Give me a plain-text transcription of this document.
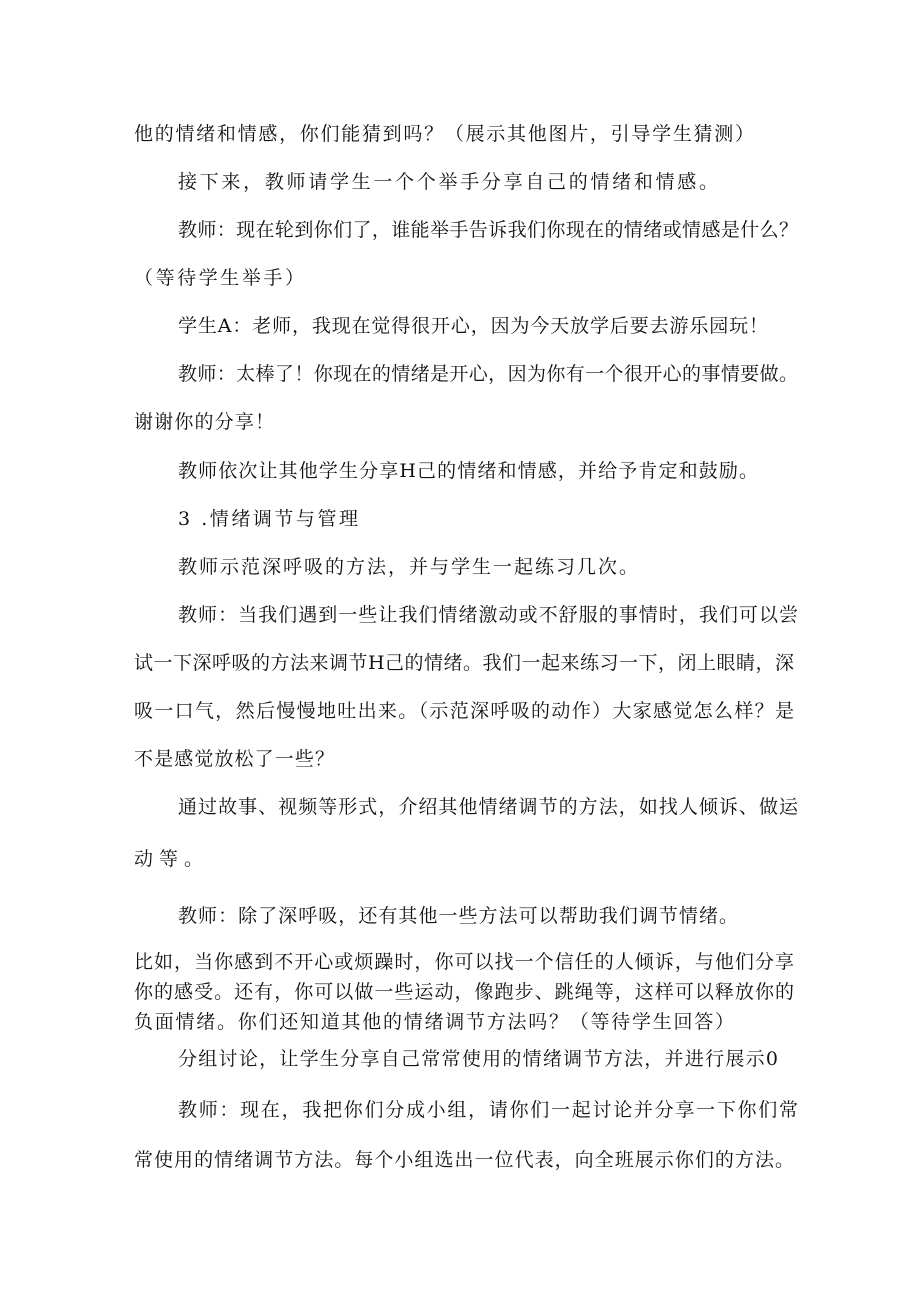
他的情绪和情感，你们能猜到吗？（展示其他图片，引导学生猜测）
接下来，教师请学生一个个举手分享自己的情绪和情感。
教师：现在轮到你们了，谁能举手告诉我们你现在的情绪或情感是什么？
（等待学生举手）
学生A：老师，我现在觉得很开心，因为今天放学后要去游乐园玩！
教师：太棒了！你现在的情绪是开心，因为你有一个很开心的事情要做。
谢谢你的分享！
教师依次让其他学生分享H己的情绪和情感，并给予肯定和鼓励。
3 .情绪调节与管理
教师示范深呼吸的方法，并与学生一起练习几次。
教师：当我们遇到一些让我们情绪激动或不舒服的事情时，我们可以尝
试一下深呼吸的方法来调节H己的情绪。我们一起来练习一下，闭上眼睛，深
吸一口气，然后慢慢地吐出来。（示范深呼吸的动作）大家感觉怎么样？是
不是感觉放松了一些？
通过故事、视频等形式，介绍其他情绪调节的方法，如找人倾诉、做运
动等。
教师：除了深呼吸，还有其他一些方法可以帮助我们调节情绪。
比如，当你感到不开心或烦躁时，你可以找一个信任的人倾诉，与他们分享
你的感受。还有，你可以做一些运动，像跑步、跳绳等，这样可以释放你的
负面情绪。你们还知道其他的情绪调节方法吗？（等待学生回答）
分组讨论，让学生分享自己常常使用的情绪调节方法，并进行展示0
教师：现在，我把你们分成小组，请你们一起讨论并分享一下你们常
常使用的情绪调节方法。每个小组选出一位代表，向全班展示你们的方法。
